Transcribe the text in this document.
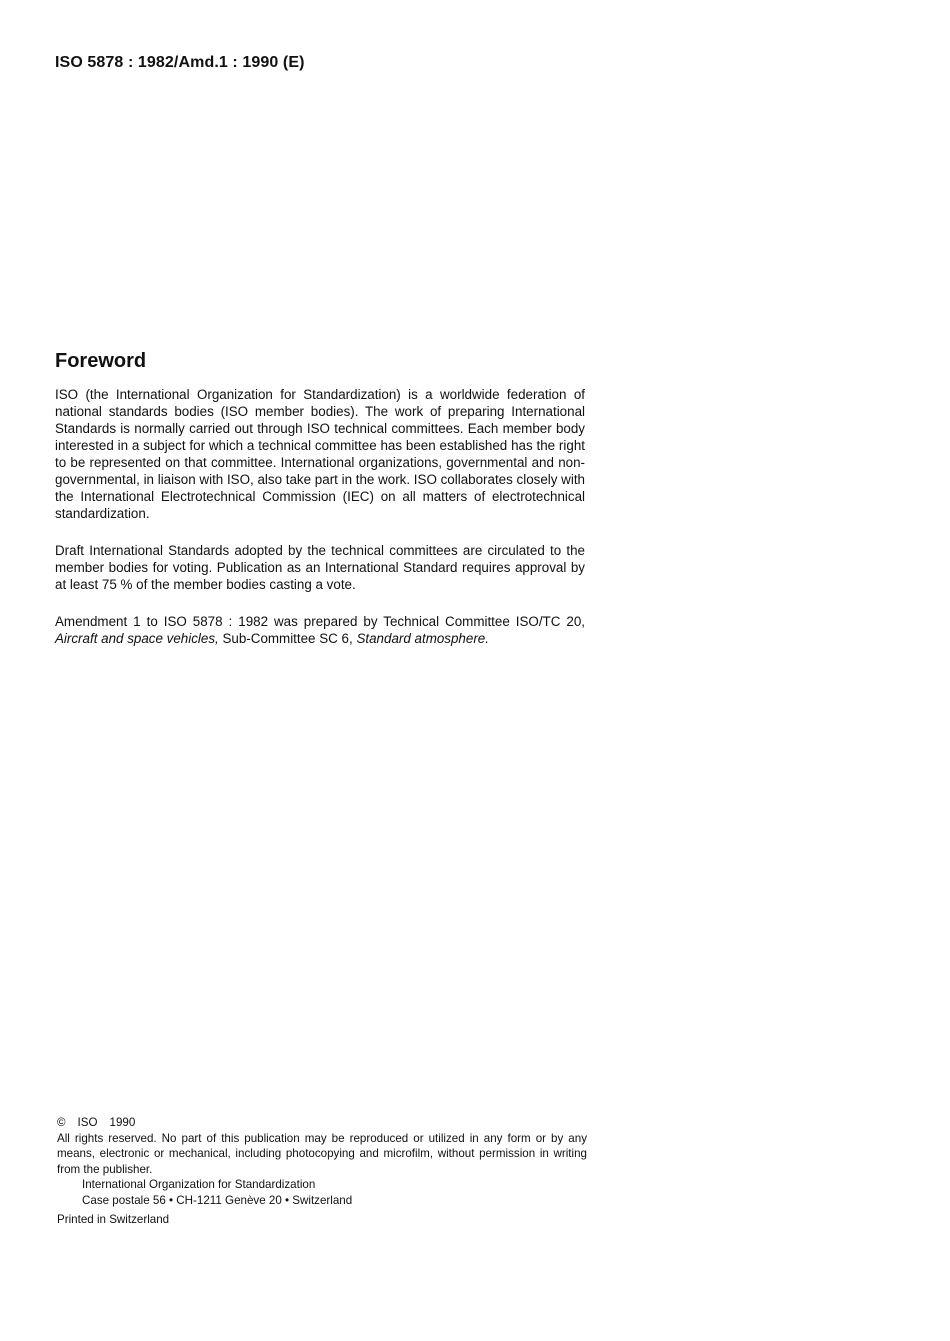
ISO 5878 : 1982/Amd.1 : 1990 (E)
Foreword

ISO (the International Organization for Standardization) is a worldwide federation of national standards bodies (ISO member bodies). The work of preparing International Standards is normally carried out through ISO technical committees. Each member body interested in a subject for which a technical committee has been established has the right to be represented on that committee. International organizations, governmental and non-governmental, in liaison with ISO, also take part in the work. ISO collaborates closely with the International Electrotechnical Commission (IEC) on all matters of electrotechnical standardization.

Draft International Standards adopted by the technical committees are circulated to the member bodies for voting. Publication as an International Standard requires approval by at least 75 % of the member bodies casting a vote.

Amendment 1 to ISO 5878 : 1982 was prepared by Technical Committee ISO/TC 20, Aircraft and space vehicles, Sub-Committee SC 6, Standard atmosphere.

© ISO 1990
All rights reserved. No part of this publication may be reproduced or utilized in any form or by any means, electronic or mechanical, including photocopying and microfilm, without permission in writing from the publisher.
International Organization for Standardization
Case postale 56 • CH-1211 Genève 20 • Switzerland
Printed in Switzerland
